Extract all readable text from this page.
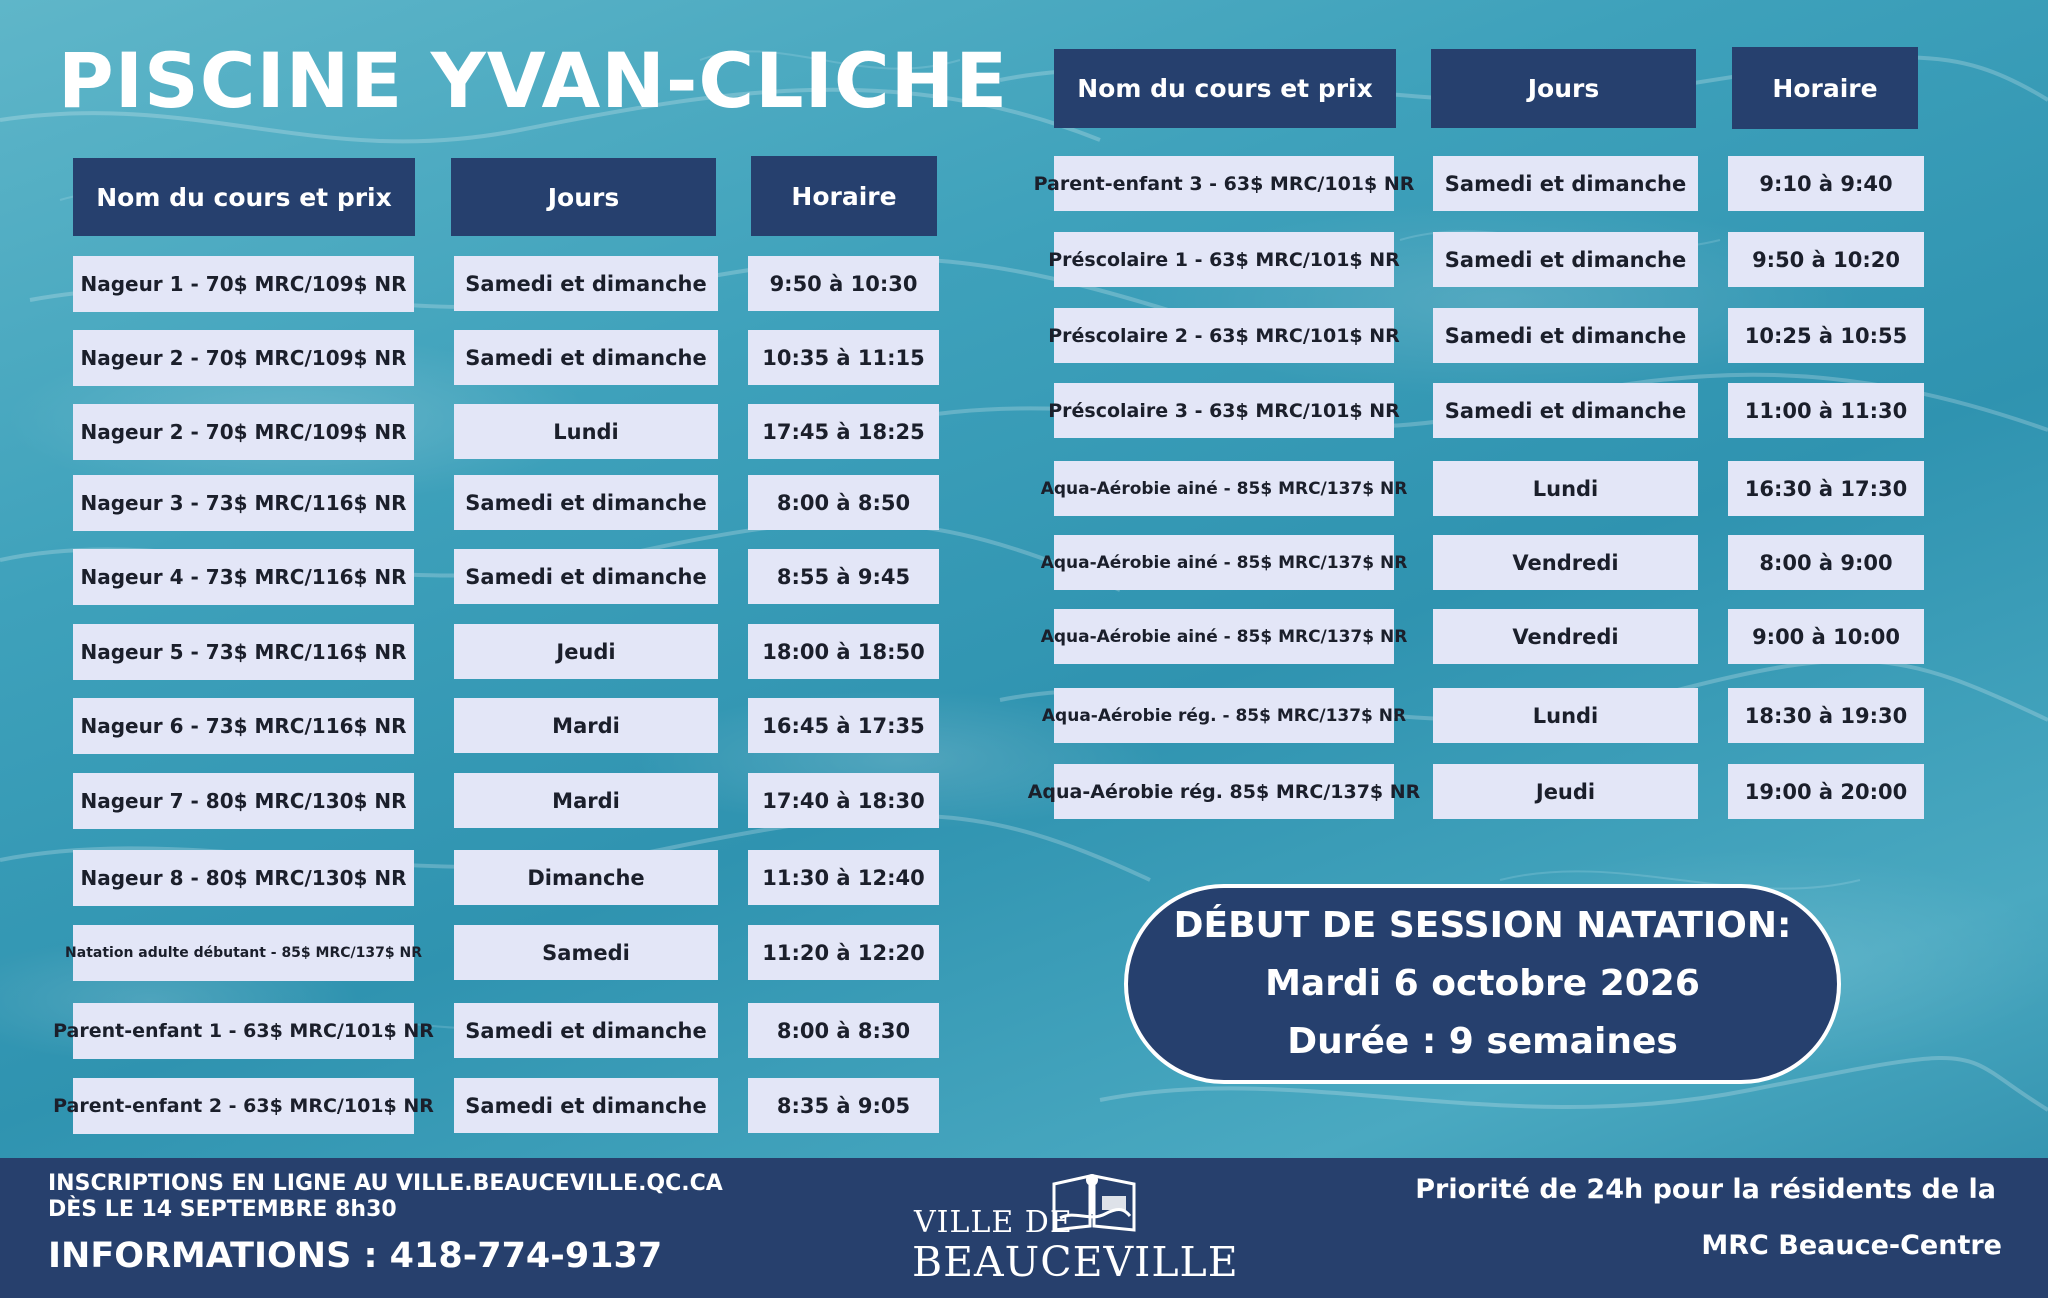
PISCINE YVAN-CLICHE
Nom du cours et prix	Jours	Horaire
Nom du cours et prix	Jours	Horaire
Nageur 1 - 70$ MRC/109$ NR	Samedi et dimanche	9:50 à 10:30
Nageur 2 - 70$ MRC/109$ NR	Samedi et dimanche	10:35 à 11:15
Nageur 2 - 70$ MRC/109$ NR	Lundi	17:45 à 18:25
Nageur 3 - 73$ MRC/116$ NR	Samedi et dimanche	8:00 à 8:50
Nageur 4 - 73$ MRC/116$ NR	Samedi et dimanche	8:55 à 9:45
Nageur 5 - 73$ MRC/116$ NR	Jeudi	18:00 à 18:50
Nageur 6 - 73$ MRC/116$ NR	Mardi	16:45 à 17:35
Nageur 7 - 80$ MRC/130$ NR	Mardi	17:40 à 18:30
Nageur 8 - 80$ MRC/130$ NR	Dimanche	11:30 à 12:40
Natation adulte débutant - 85$ MRC/137$ NR	Samedi	11:20 à 12:20
Parent-enfant 1 - 63$ MRC/101$ NR	Samedi et dimanche	8:00 à 8:30
Parent-enfant 2 - 63$ MRC/101$ NR	Samedi et dimanche	8:35 à 9:05
Parent-enfant 3 - 63$ MRC/101$ NR	Samedi et dimanche	9:10 à 9:40
Préscolaire 1 - 63$ MRC/101$ NR	Samedi et dimanche	9:50 à 10:20
Préscolaire 2 - 63$ MRC/101$ NR	Samedi et dimanche	10:25 à 10:55
Préscolaire 3 - 63$ MRC/101$ NR	Samedi et dimanche	11:00 à 11:30
Aqua-Aérobie ainé - 85$ MRC/137$ NR	Lundi	16:30 à 17:30
Aqua-Aérobie ainé - 85$ MRC/137$ NR	Vendredi	8:00 à 9:00
Aqua-Aérobie ainé - 85$ MRC/137$ NR	Vendredi	9:00 à 10:00
Aqua-Aérobie rég. - 85$ MRC/137$ NR	Lundi	18:30 à 19:30
Aqua-Aérobie rég. 85$ MRC/137$ NR	Jeudi	19:00 à 20:00
DÉBUT DE SESSION NATATION:
Mardi 6 octobre 2026
Durée : 9 semaines
INSCRIPTIONS EN LIGNE AU VILLE.BEAUCEVILLE.QC.CA
DÈS LE 14 SEPTEMBRE 8h30
INFORMATIONS : 418-774-9137
VILLE DE
BEAUCEVILLE
Priorité de 24h pour la résidents de la
MRC Beauce-Centre
